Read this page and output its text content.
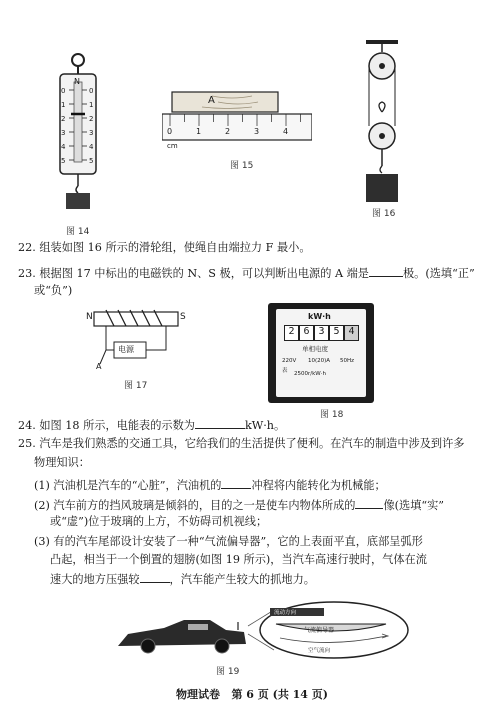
N
0
1
2
3
4
5
0
1
2
3
4
5
图 14
A
0	1	2	3	4
cm
图 15
图 16
22. 组装如图 16 所示的滑轮组，使绳自由端拉力 F 最小。
23. 根据图 17 中标出的电磁铁的 N、S 极，可以判断出电源的 A 端是	极。(选填“正”
或“负”)
N	S
电源
A
图 17
kW·h
2 6 3 5 4
单相电度
220V 10(20)A 50Hz
表 2500r/kW·h
图 18
24. 如图 18 所示，电能表的示数为	kW·h。
25. 汽车是我们熟悉的交通工具，它给我们的生活提供了便利。在汽车的制造中涉及到许多
物理知识：
(1) 汽油机是汽车的“心脏”，汽油机的	冲程将内能转化为机械能；
(2) 汽车前方的挡风玻璃是倾斜的，目的之一是使车内物体所成的	像(选填“实”
或“虚”)位于玻璃的上方，不妨碍司机视线；
(3) 有的汽车尾部设计安装了一种“气流偏导器”，它的上表面平直，底部呈弧形
凸起，相当于一个倒置的翅膀(如图 19 所示)，当汽车高速行驶时，气体在流
速大的地方压强较	，汽车能产生较大的抓地力。
流动方向
气流偏导器
空气流向
图 19
物理试卷   第 6 页 (共 14 页)
